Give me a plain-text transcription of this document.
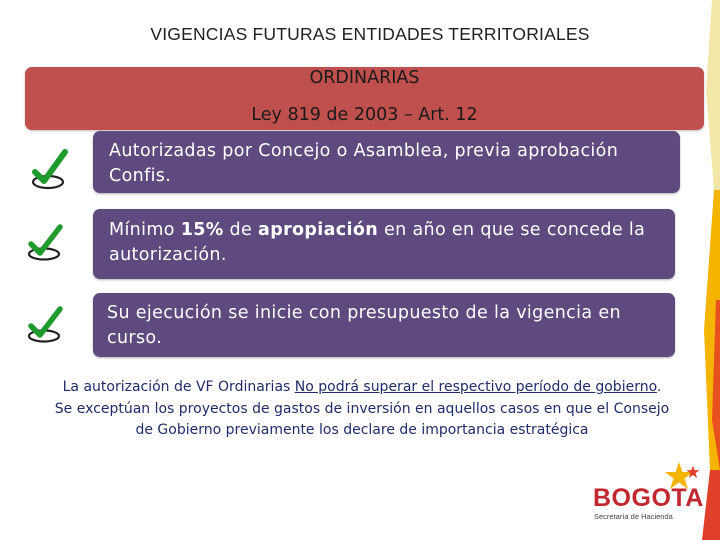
VIGENCIAS FUTURAS ENTIDADES TERRITORIALES
ORDINARIAS
Ley 819 de 2003 – Art. 12
Autorizadas por Concejo o Asamblea, previa aprobación Confis.
Mínimo 15% de apropiación en año en que se concede la autorización.
Su ejecución se inicie con presupuesto de la vigencia en curso.
La autorización de VF Ordinarias No podrá superar el respectivo período de gobierno. Se exceptúan los proyectos de gastos de inversión en aquellos casos en que el Consejo de Gobierno previamente los declare de importancia estratégica
BOGOTA
Secretaría de Hacienda
